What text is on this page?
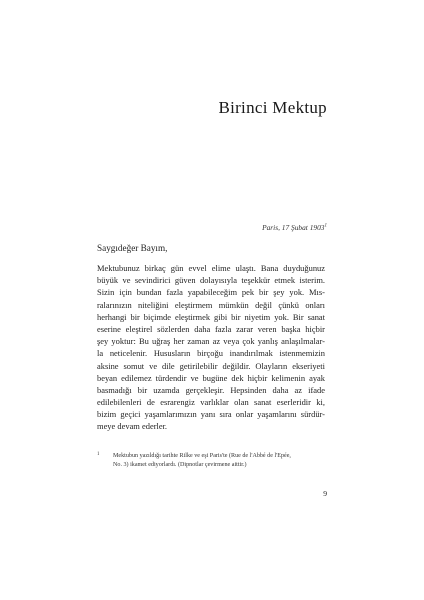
Birinci Mektup
Paris, 17 Şubat 1903$^1$
Saygıdeğer Bayım,
Mektubunuz birkaç gün evvel elime ulaştı. Bana duyduğunuz
büyük ve sevindirici güven dolayısıyla teşekkür etmek isterim.
Sizin için bundan fazla yapabileceğim pek bir şey yok. Mıs-
ralarınızın niteliğini eleştirmem mümkün değil çünkü onları
herhangi bir biçimde eleştirmek gibi bir niyetim yok. Bir sanat
eserine eleştirel sözlerden daha fazla zarar veren başka hiçbir
şey yoktur: Bu uğraş her zaman az veya çok yanlış anlaşılmalar-
la neticelenir. Hususların birçoğu inandırılmak istenmemizin
aksine somut ve dile getirilebilir değildir. Olayların ekseriyeti
beyan edilemez türdendir ve bugüne dek hiçbir kelimenin ayak
basmadığı bir uzamda gerçekleşir. Hepsinden daha az ifade
edilebilenleri de esrarengiz varlıklar olan sanat eserleridir ki,
bizim geçici yaşamlarımızın yanı sıra onlar yaşamlarını sürdür-
meye devam ederler.
1 Mektubun yazıldığı tarihte Rilke ve eşi Paris'te (Rue de l'Abbé de l'Epée,
No. 3) ikamet ediyorlardı. (Dipnotlar çevirmene aittir.)
9
